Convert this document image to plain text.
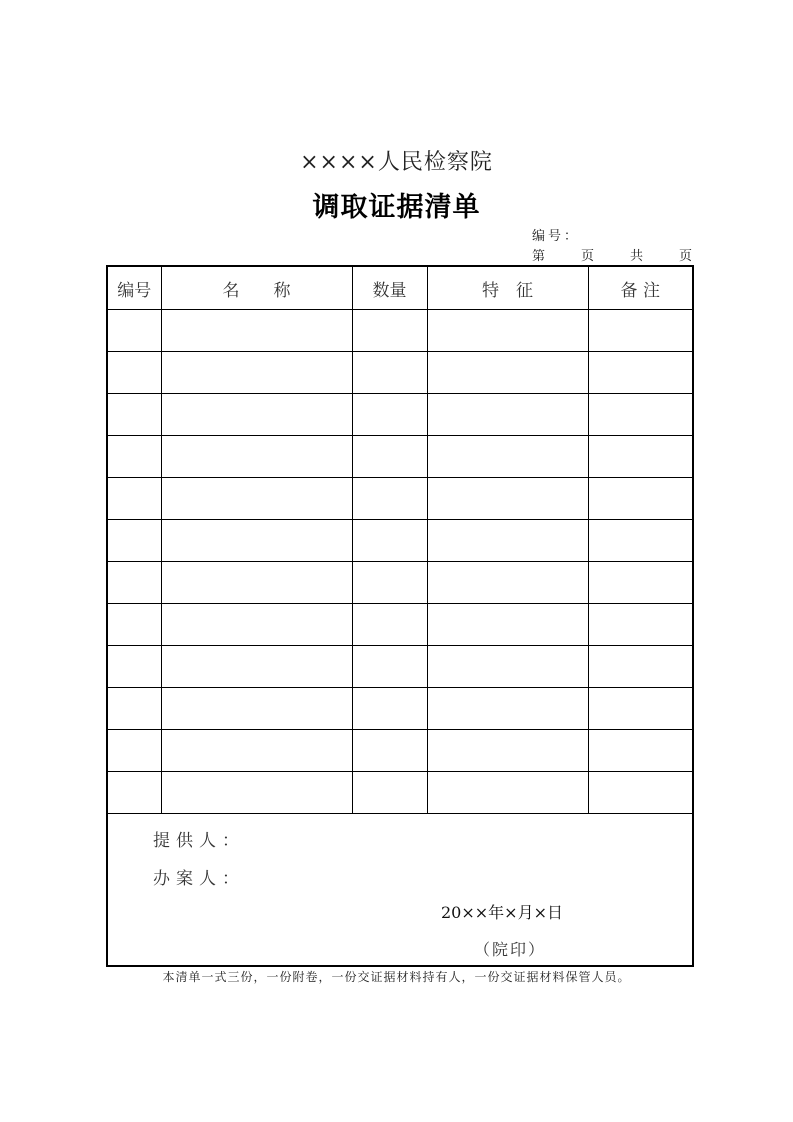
××××人民检察院
调取证据清单
编号：
第	页	共	页
编号	名　　称	数量	特　征	备 注

提供人：
办案人：
20××年×月×日
（院印）
本清单一式三份，一份附卷，一份交证据材料持有人，一份交证据材料保管人员。
